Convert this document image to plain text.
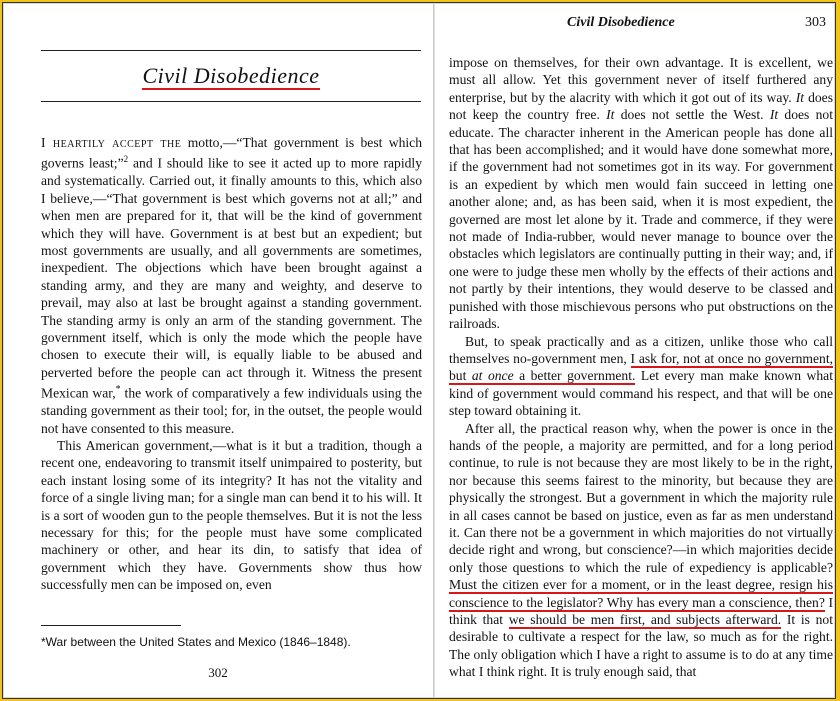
Civil Disobedience

I heartily accept the motto,—“That government is best which governs least;”$^2$ and I should like to see it acted up to more rapidly and systematically. Carried out, it finally amounts to this, which also I believe,—“That government is best which governs not at all;” and when men are prepared for it, that will be the kind of government which they will have. Government is at best but an expedient; but most governments are usually, and all governments are sometimes, inexpedient. The objections which have been brought against a standing army, and they are many and weighty, and deserve to prevail, may also at last be brought against a standing government. The standing army is only an arm of the standing government. The government itself, which is only the mode which the people have chosen to execute their will, is equally liable to be abused and perverted before the people can act through it. Witness the present Mexican war,* the work of comparatively a few individuals using the standing government as their tool; for, in the outset, the people would not have consented to this measure.

This American government,—what is it but a tradition, though a recent one, endeavoring to transmit itself unimpaired to posterity, but each instant losing some of its integrity? It has not the vitality and force of a single living man; for a single man can bend it to his will. It is a sort of wooden gun to the people themselves. But it is not the less necessary for this; for the people must have some complicated machinery or other, and hear its din, to satisfy that idea of government which they have. Governments show thus how successfully men can be imposed on, even

*War between the United States and Mexico (1846–1848).
302
Civil Disobedience	303

impose on themselves, for their own advantage. It is excellent, we must all allow. Yet this government never of itself furthered any enterprise, but by the alacrity with which it got out of its way. It does not keep the country free. It does not settle the West. It does not educate. The character inherent in the American people has done all that has been accomplished; and it would have done somewhat more, if the government had not sometimes got in its way. For government is an expedient by which men would fain succeed in letting one another alone; and, as has been said, when it is most expedient, the governed are most let alone by it. Trade and commerce, if they were not made of India-rubber, would never manage to bounce over the obstacles which legislators are continually putting in their way; and, if one were to judge these men wholly by the effects of their actions and not partly by their intentions, they would deserve to be classed and punished with those mischievous persons who put obstructions on the railroads.

But, to speak practically and as a citizen, unlike those who call themselves no-government men, I ask for, not at once no government, but at once a better government. Let every man make known what kind of government would command his respect, and that will be one step toward obtaining it.

After all, the practical reason why, when the power is once in the hands of the people, a majority are permitted, and for a long period continue, to rule is not because they are most likely to be in the right, nor because this seems fairest to the minority, but because they are physically the strongest. But a government in which the majority rule in all cases cannot be based on justice, even as far as men understand it. Can there not be a government in which majorities do not virtually decide right and wrong, but conscience?—in which majorities decide only those questions to which the rule of expediency is applicable? Must the citizen ever for a moment, or in the least degree, resign his conscience to the legislator? Why has every man a conscience, then? I think that we should be men first, and subjects afterward. It is not desirable to cultivate a respect for the law, so much as for the right. The only obligation which I have a right to assume is to do at any time what I think right. It is truly enough said, that
